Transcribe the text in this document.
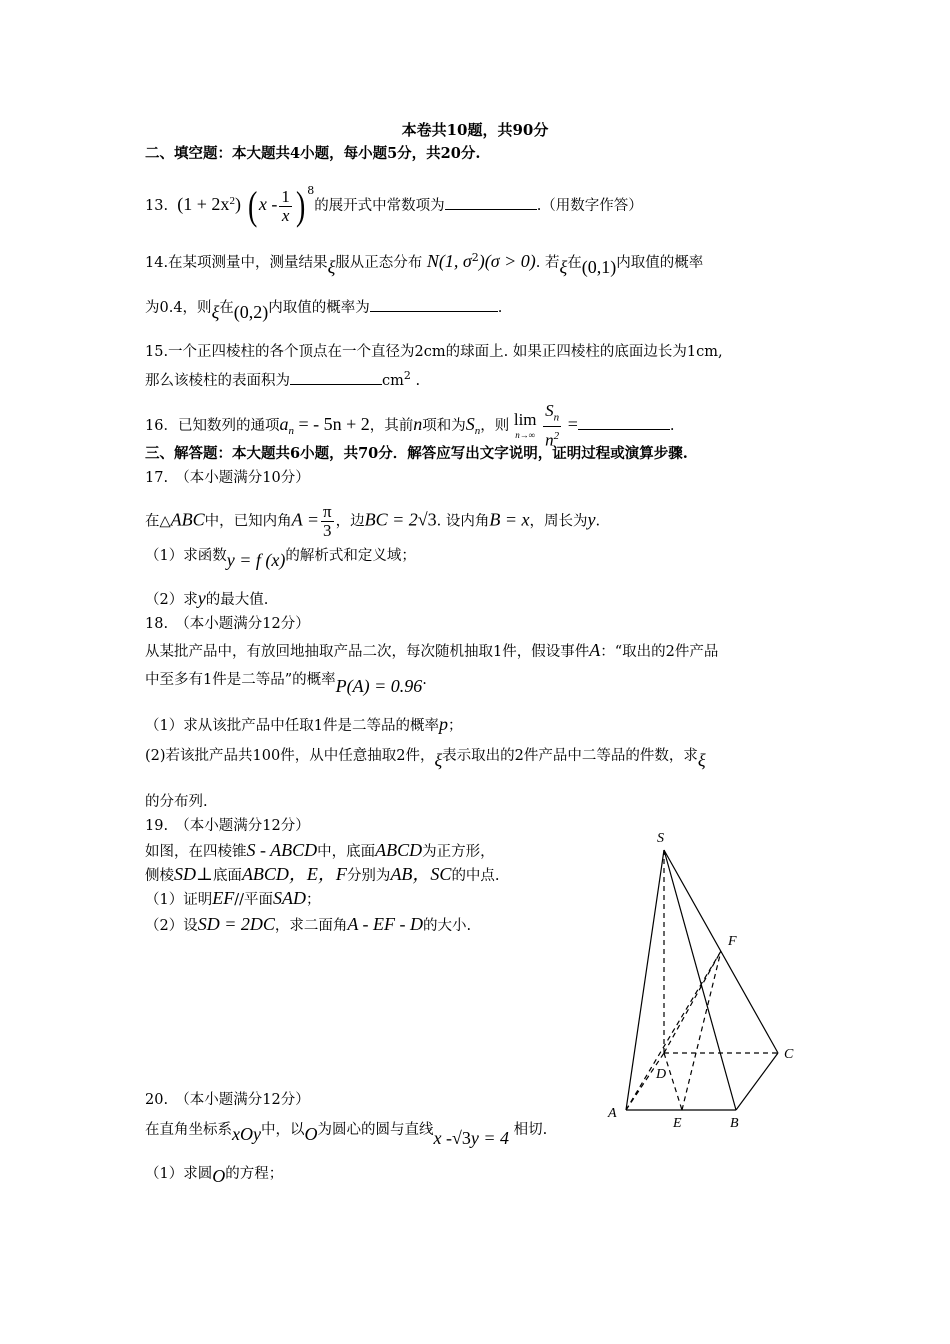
本卷共10题，共90分
二、填空题：本大题共4小题，每小题5分，共20分.
13. $(1 + 2x^2)$ ( x - $\frac{1}{x}$ ) $^8$的展开式中常数项为	.（用数字作答）
14.在某项测量中，测量结果ξ服从正态分布 N(1, $\sigma^2)(\sigma > 0)$. 若ξ在(0,1)内取值的概率
为0.4，则ξ在(0,2)内取值的概率为	.
15.一个正四棱柱的各个顶点在一个直径为2cm的球面上. 如果正四棱柱的底面边长为1cm,
那么该棱柱的表面积为	$cm^2$ .
16．已知数列的通项$a_n$ = - 5n + 2，其前n项和为$S_n$，则 lim
n→∞
$\frac{S_n}{n^2}$ =	.
三、解答题：本大题共6小题，共70分．解答应写出文字说明，证明过程或演算步骤.
17.　（本小题满分10分）
在△ABC中，已知内角$A = \frac{\pi}{3}$ ，边BC = 2√3. 设内角B = x，周长为y.
（1）求函数y = f (x)的解析式和定义域；
（2）求y的最大值.
18.　（本小题满分12分）
从某批产品中，有放回地抽取产品二次，每次随机抽取1件，假设事件A：“取出的2件产品
中至多有1件是二等品”的概率P(A) = 0.96.
（1）求从该批产品中任取1件是二等品的概率p；
(2)若该批产品共100件，从中任意抽取2件，ξ表示取出的2件产品中二等品的件数，求ξ
的分布列.
19.　（本小题满分12分）
如图，在四棱锥S - ABCD中，底面ABCD为正方形，
侧棱SD⊥底面ABCD，E，F分别为AB，SC的中点.
（1）证明EF//平面SAD；
（2）设SD = 2DC，求二面角A - EF - D的大小.
20.　（本小题满分12分）
在直角坐标系xOy中，以O为圆心的圆与直线x -√3y = 4 相切.
（1）求圆O的方程；
S
F
C
D
A
E	B
